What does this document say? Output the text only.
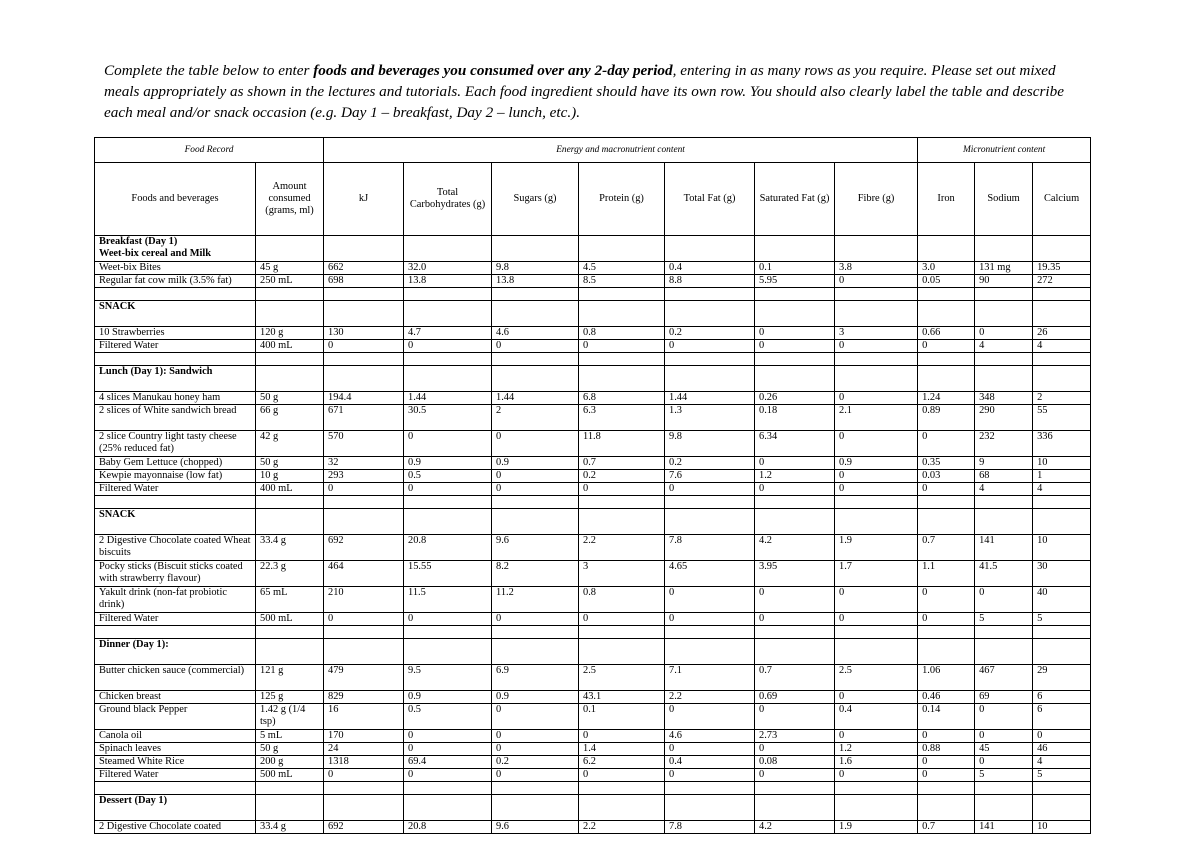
Complete the table below to enter foods and beverages you consumed over any 2-day period, entering in as many rows as you require. Please set out mixed meals appropriately as shown in the lectures and tutorials. Each food ingredient should have its own row. You should also clearly label the table and describe each meal and/or snack occasion (e.g. Day 1 – breakfast, Day 2 – lunch, etc.).

Food Record		Energy and macronutrient content							Micronutrient content		
Foods and beverages	Amount consumed (grams, ml)	kJ	Total Carbohydrates (g)	Sugars (g)	Protein (g)	Total Fat (g)	Saturated Fat (g)	Fibre (g)	Iron	Sodium	Calcium
Breakfast (Day 1)
Weet-bix cereal and Milk											
Weet-bix Bites	45 g	662	32.0	9.8	4.5	0.4	0.1	3.8	3.0	131 mg	19.35
Regular fat cow milk (3.5% fat)	250 mL	698	13.8	13.8	8.5	8.8	5.95	0	0.05	90	272

SNACK											
10 Strawberries	120 g	130	4.7	4.6	0.8	0.2	0	3	0.66	0	26
Filtered Water	400 mL	0	0	0	0	0	0	0	0	4	4

Lunch (Day 1): Sandwich											
4 slices Manukau honey ham	50 g	194.4	1.44	1.44	6.8	1.44	0.26	0	1.24	348	2
2 slices of White sandwich bread	66 g	671	30.5	2	6.3	1.3	0.18	2.1	0.89	290	55
2 slice Country light tasty cheese (25% reduced fat)	42 g	570	0	0	11.8	9.8	6.34	0	0	232	336
Baby Gem Lettuce (chopped)	50 g	32	0.9	0.9	0.7	0.2	0	0.9	0.35	9	10
Kewpie mayonnaise (low fat)	10 g	293	0.5	0	0.2	7.6	1.2	0	0.03	68	1
Filtered Water	400 mL	0	0	0	0	0	0	0	0	4	4

SNACK											
2 Digestive Chocolate coated Wheat biscuits	33.4 g	692	20.8	9.6	2.2	7.8	4.2	1.9	0.7	141	10
Pocky sticks (Biscuit sticks coated with strawberry flavour)	22.3 g	464	15.55	8.2	3	4.65	3.95	1.7	1.1	41.5	30
Yakult drink (non-fat probiotic drink)	65 mL	210	11.5	11.2	0.8	0	0	0	0	0	40
Filtered Water	500 mL	0	0	0	0	0	0	0	0	5	5

Dinner (Day 1):											
Butter chicken sauce (commercial)	121 g	479	9.5	6.9	2.5	7.1	0.7	2.5	1.06	467	29
Chicken breast	125 g	829	0.9	0.9	43.1	2.2	0.69	0	0.46	69	6
Ground black Pepper	1.42 g (1/4 tsp)	16	0.5	0	0.1	0	0	0.4	0.14	0	6
Canola oil	5 mL	170	0	0	0	4.6	2.73	0	0	0	0
Spinach leaves	50 g	24	0	0	1.4	0	0	1.2	0.88	45	46
Steamed White Rice	200 g	1318	69.4	0.2	6.2	0.4	0.08	1.6	0	0	4
Filtered Water	500 mL	0	0	0	0	0	0	0	0	5	5

Dessert (Day 1)											
2 Digestive Chocolate coated	33.4 g	692	20.8	9.6	2.2	7.8	4.2	1.9	0.7	141	10
